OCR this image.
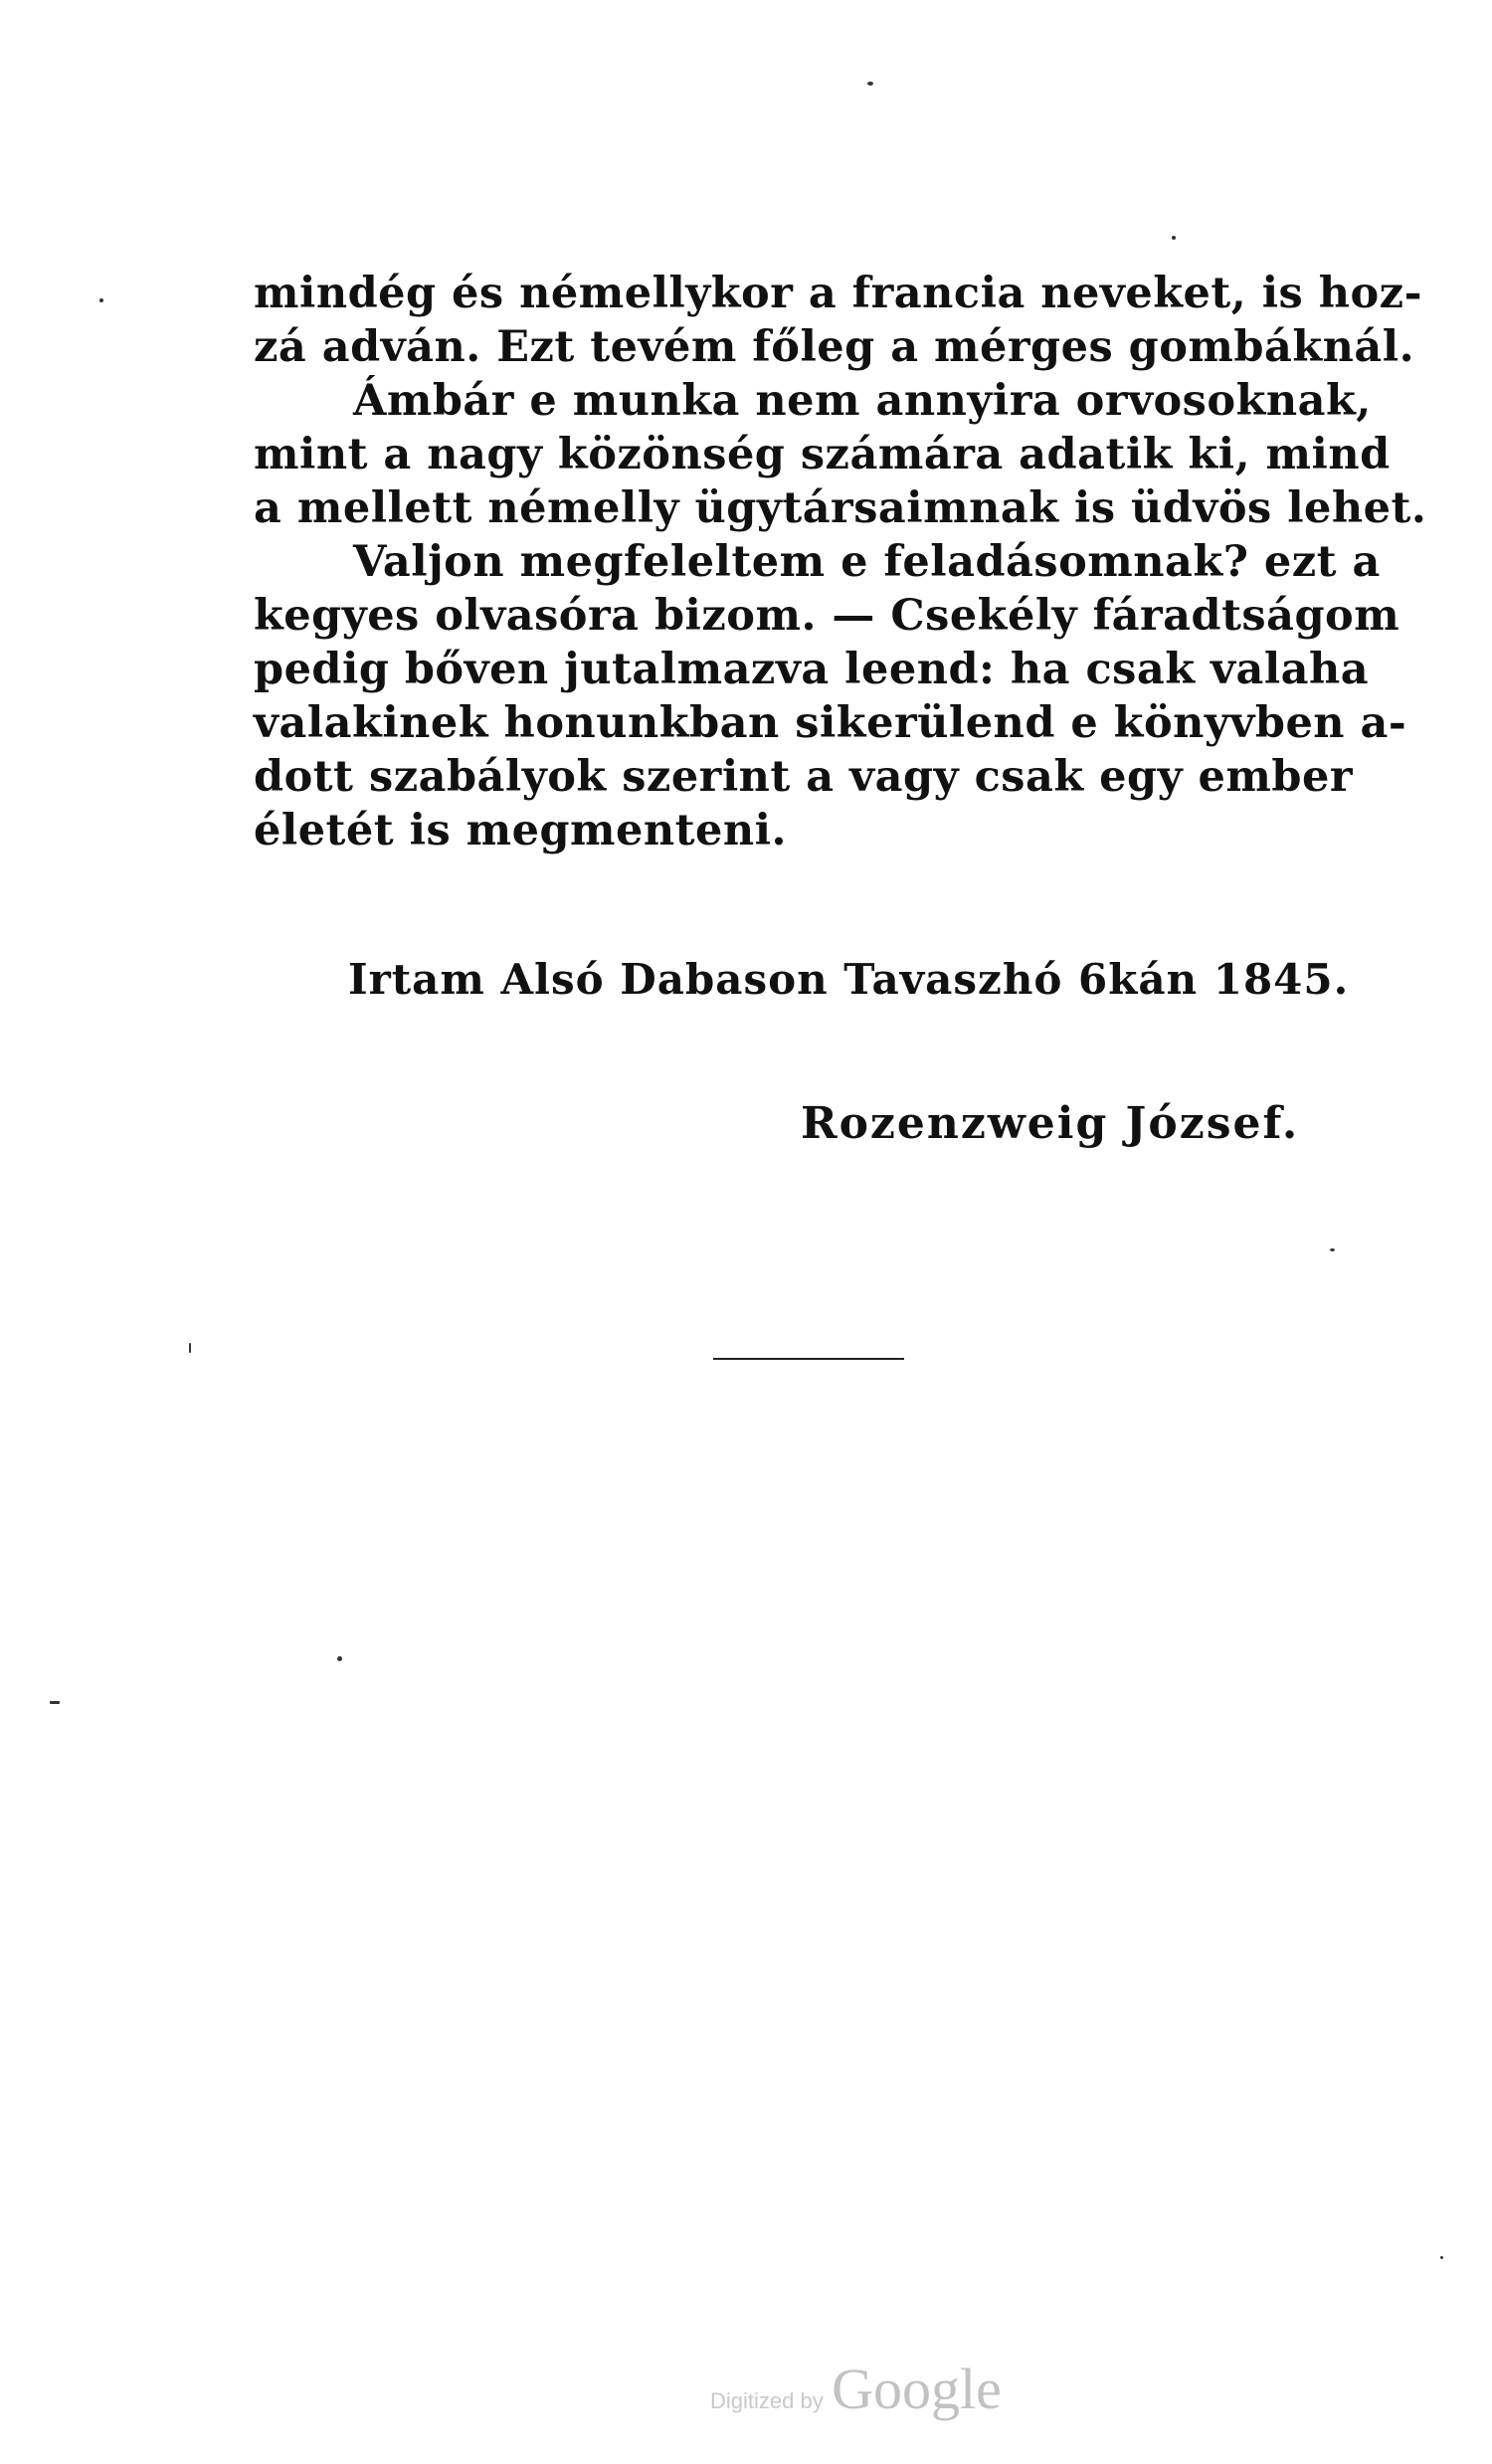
mindég és némellykor a francia neveket, is hoz-
zá adván. Ezt tevém főleg a mérges gombáknál.
Ámbár e munka nem annyira orvosoknak,
mint a nagy közönség számára adatik ki, mind
a mellett némelly ügytársaimnak is üdvös lehet.
Valjon megfeleltem e feladásomnak? ezt a
kegyes olvasóra bizom. — Csekély fáradtságom
pedig bőven jutalmazva leend: ha csak valaha
valakinek honunkban sikerülend e könyvben a-
dott szabályok szerint a vagy csak egy ember
életét is megmenteni.
Irtam Alsó Dabason Tavaszhó 6kán 1845.
Rozenzweig József.
Digitized by Google
